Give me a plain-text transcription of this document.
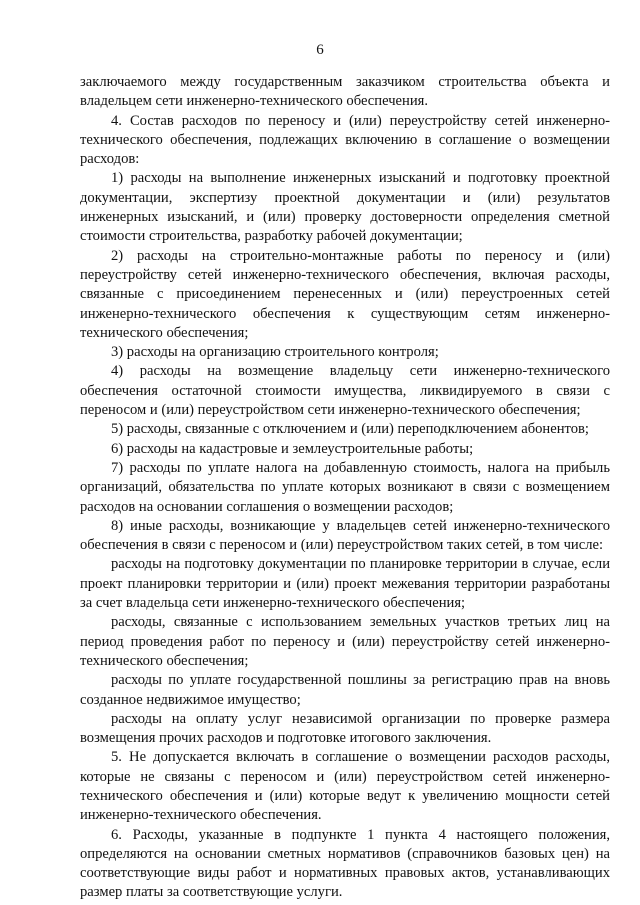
6

заключаемого между государственным заказчиком строительства объекта и владельцем сети инженерно-технического обеспечения.

4. Состав расходов по переносу и (или) переустройству сетей инженерно-технического обеспечения, подлежащих включению в соглашение о возмещении расходов:

1) расходы на выполнение инженерных изысканий и подготовку проектной документации, экспертизу проектной документации и (или) результатов инженерных изысканий, и (или) проверку достоверности определения сметной стоимости строительства, разработку рабочей документации;

2) расходы на строительно-монтажные работы по переносу и (или) переустройству сетей инженерно-технического обеспечения, включая расходы, связанные с присоединением перенесенных и (или) переустроенных сетей инженерно-технического обеспечения к существующим сетям инженерно-технического обеспечения;

3) расходы на организацию строительного контроля;

4) расходы на возмещение владельцу сети инженерно-технического обеспечения остаточной стоимости имущества, ликвидируемого в связи с переносом и (или) переустройством сети инженерно-технического обеспечения;

5) расходы, связанные с отключением и (или) переподключением абонентов;

6) расходы на кадастровые и землеустроительные работы;

7) расходы по уплате налога на добавленную стоимость, налога на прибыль организаций, обязательства по уплате которых возникают в связи с возмещением расходов на основании соглашения о возмещении расходов;

8) иные расходы, возникающие у владельцев сетей инженерно-технического обеспечения в связи с переносом и (или) переустройством таких сетей, в том числе:

расходы на подготовку документации по планировке территории в случае, если проект планировки территории и (или) проект межевания территории разработаны за счет владельца сети инженерно-технического обеспечения;

расходы, связанные с использованием земельных участков третьих лиц на период проведения работ по переносу и (или) переустройству сетей инженерно-технического обеспечения;

расходы по уплате государственной пошлины за регистрацию прав на вновь созданное недвижимое имущество;

расходы на оплату услуг независимой организации по проверке размера возмещения прочих расходов и подготовке итогового заключения.

5. Не допускается включать в соглашение о возмещении расходов расходы, которые не связаны с переносом и (или) переустройством сетей инженерно-технического обеспечения и (или) которые ведут к увеличению мощности сетей инженерно-технического обеспечения.

6. Расходы, указанные в подпункте 1 пункта 4 настоящего положения, определяются на основании сметных нормативов (справочников базовых цен) на соответствующие виды работ и нормативных правовых актов, устанавливающих размер платы за соответствующие услуги.
